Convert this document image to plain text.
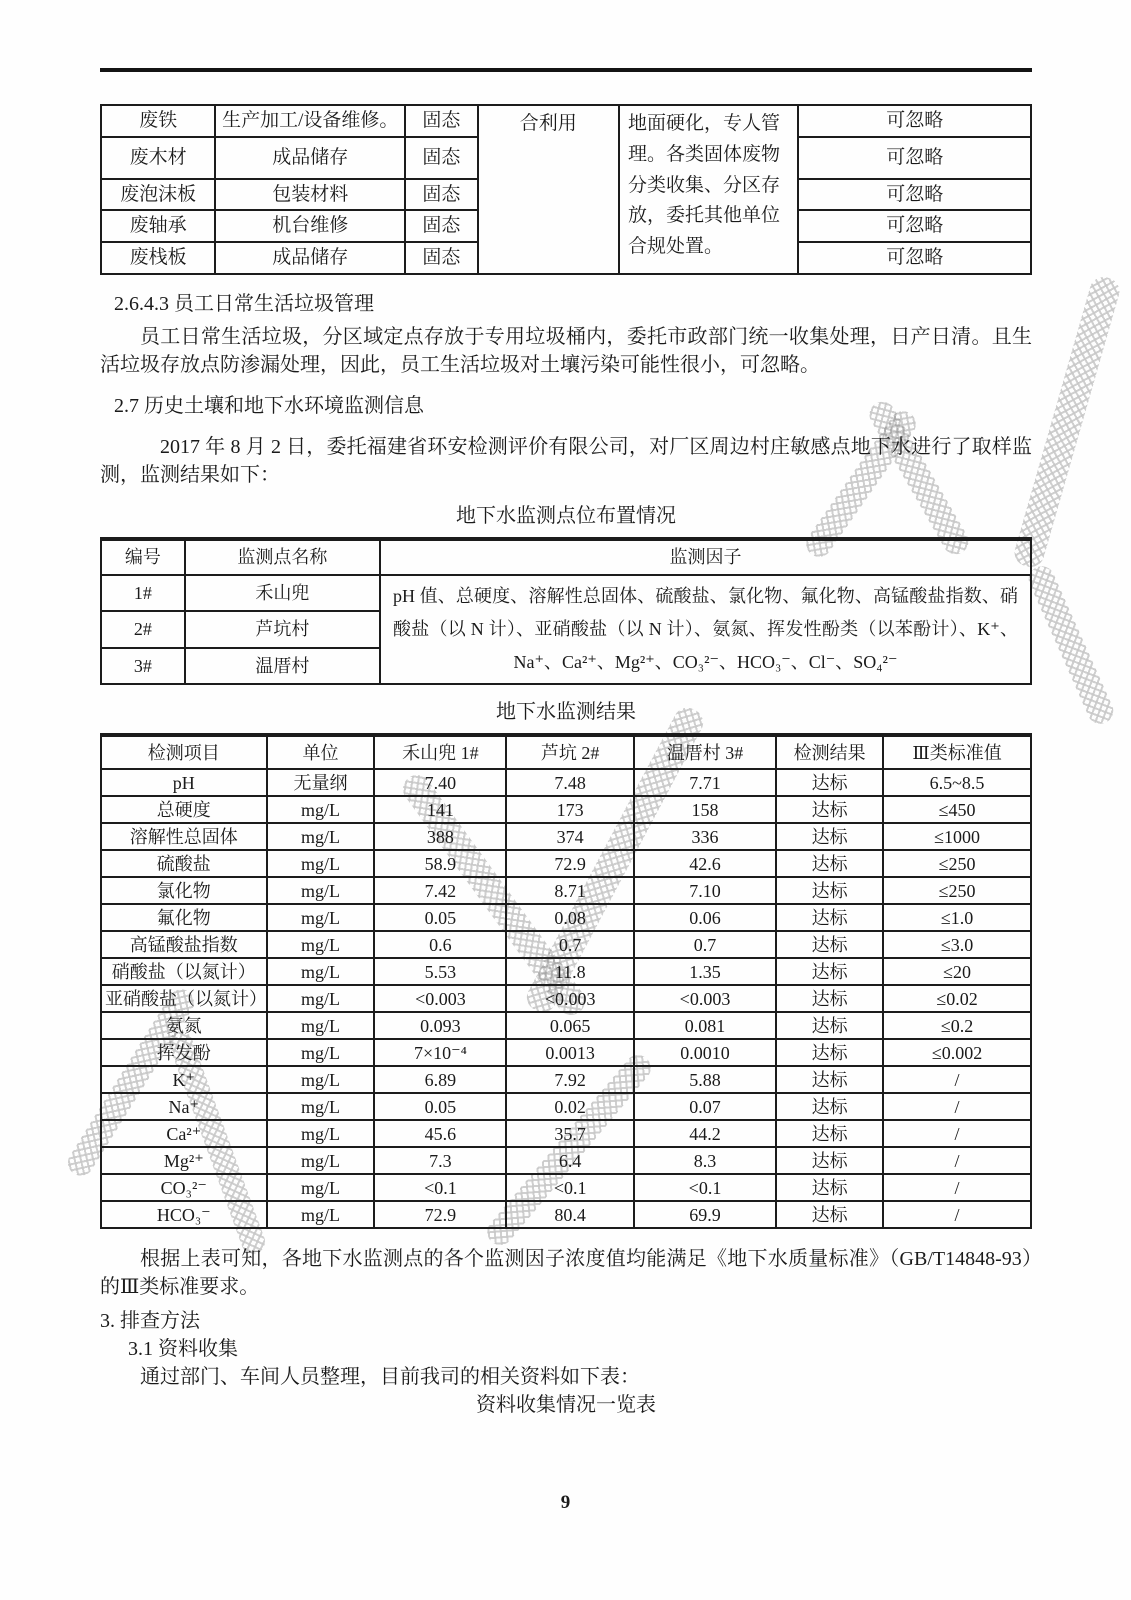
废铁	生产加工/设备维修。	固态	合利用	地面硬化，专人管理。各类固体废物分类收集、分区存放，委托其他单位合规处置。	可忽略
废木材	成品储存	固态			可忽略
废泡沫板	包装材料	固态			可忽略
废轴承	机台维修	固态			可忽略
废栈板	成品储存	固态			可忽略
2.6.4.3 员工日常生活垃圾管理

员工日常生活垃圾，分区域定点存放于专用垃圾桶内，委托市政部门统一收集处理，日产日清。且生活垃圾存放点防渗漏处理，因此，员工生活垃圾对土壤污染可能性很小，可忽略。

2.7 历史土壤和地下水环境监测信息

2017 年 8 月 2 日，委托福建省环安检测评价有限公司，对厂区周边村庄敏感点地下水进行了取样监测，监测结果如下：

地下水监测点位布置情况
编号	监测点名称	监测因子
1#	禾山兜	pH 值、总硬度、溶解性总固体、硫酸盐、氯化物、氟化物、高锰酸盐指数、硝酸盐（以 N 计）、亚硝酸盐（以 N 计）、氨氮、挥发性酚类（以苯酚计）、K⁺、Na⁺、Ca²⁺、Mg²⁺、CO₃²⁻、HCO₃⁻、Cl⁻、SO₄²⁻
2#	芦坑村	
3#	温厝村	
地下水监测结果
检测项目	单位	禾山兜 1#	芦坑 2#	温厝村 3#	检测结果	Ⅲ类标准值
pH	无量纲	7.40	7.48	7.71	达标	6.5~8.5
总硬度	mg/L	141	173	158	达标	≤450
溶解性总固体	mg/L	388	374	336	达标	≤1000
硫酸盐	mg/L	58.9	72.9	42.6	达标	≤250
氯化物	mg/L	7.42	8.71	7.10	达标	≤250
氟化物	mg/L	0.05	0.08	0.06	达标	≤1.0
高锰酸盐指数	mg/L	0.6	0.7	0.7	达标	≤3.0
硝酸盐（以氮计）	mg/L	5.53	11.8	1.35	达标	≤20
亚硝酸盐（以氮计）	mg/L	<0.003	<0.003	<0.003	达标	≤0.02
氨氮	mg/L	0.093	0.065	0.081	达标	≤0.2
挥发酚	mg/L	7×10⁻⁴	0.0013	0.0010	达标	≤0.002
K⁺	mg/L	6.89	7.92	5.88	达标	/
Na⁺	mg/L	0.05	0.02	0.07	达标	/
Ca²⁺	mg/L	45.6	35.7	44.2	达标	/
Mg²⁺	mg/L	7.3	6.4	8.3	达标	/
CO₃²⁻	mg/L	<0.1	<0.1	<0.1	达标	/
HCO₃⁻	mg/L	72.9	80.4	69.9	达标	/

根据上表可知，各地下水监测点的各个监测因子浓度值均能满足《地下水质量标准》（GB/T14848-93）的Ⅲ类标准要求。

3. 排查方法
3.1 资料收集

通过部门、车间人员整理，目前我司的相关资料如下表：

资料收集情况一览表
9
